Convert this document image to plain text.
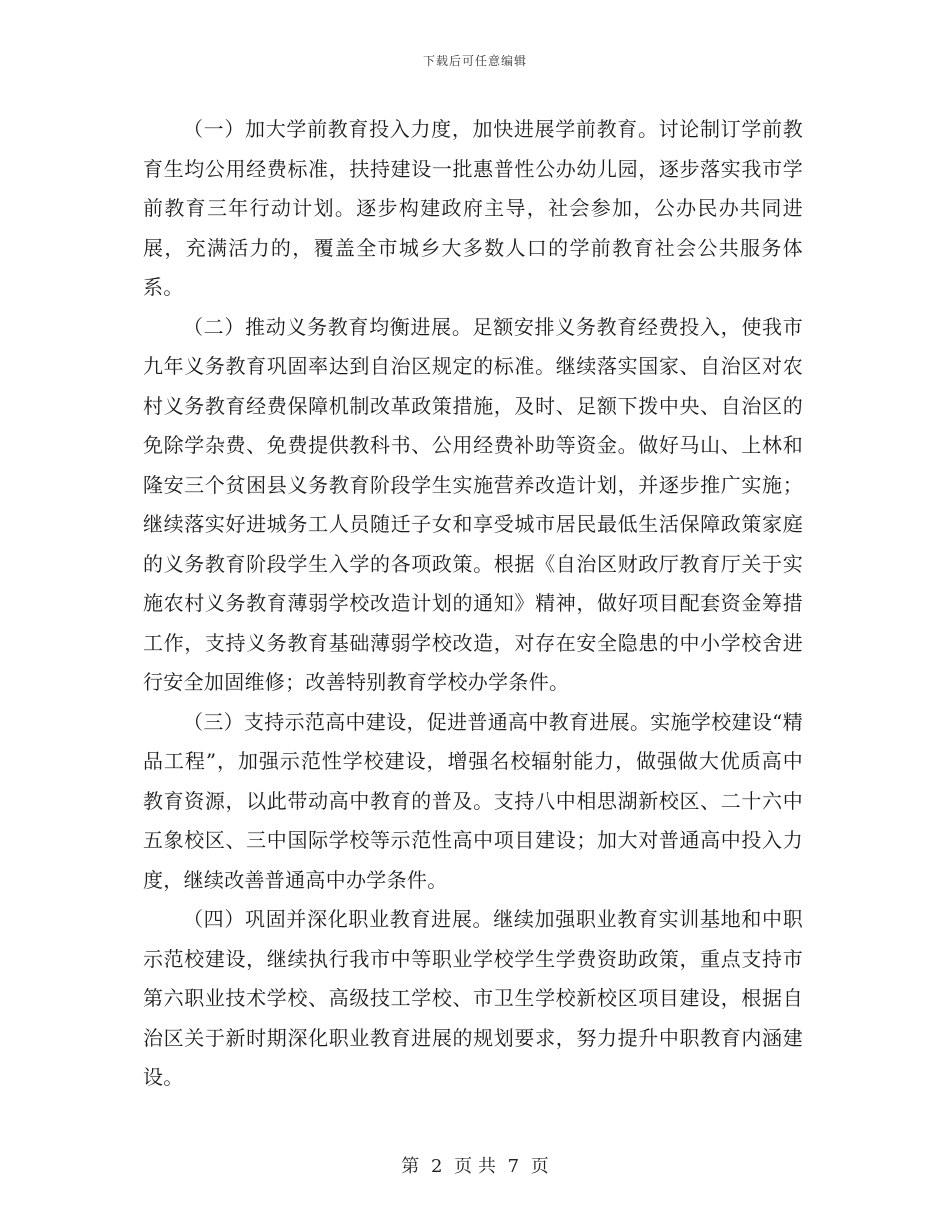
下载后可任意编辑

（一）加大学前教育投入力度，加快进展学前教育。讨论制订学前教育生均公用经费标准，扶持建设一批惠普性公办幼儿园，逐步落实我市学前教育三年行动计划。逐步构建政府主导，社会参加，公办民办共同进展，充满活力的，覆盖全市城乡大多数人口的学前教育社会公共服务体系。

（二）推动义务教育均衡进展。足额安排义务教育经费投入，使我市九年义务教育巩固率达到自治区规定的标准。继续落实国家、自治区对农村义务教育经费保障机制改革政策措施，及时、足额下拨中央、自治区的免除学杂费、免费提供教科书、公用经费补助等资金。做好马山、上林和隆安三个贫困县义务教育阶段学生实施营养改造计划，并逐步推广实施；继续落实好进城务工人员随迁子女和享受城市居民最低生活保障政策家庭的义务教育阶段学生入学的各项政策。根据《自治区财政厅教育厅关于实施农村义务教育薄弱学校改造计划的通知》精神，做好项目配套资金筹措工作，支持义务教育基础薄弱学校改造，对存在安全隐患的中小学校舍进行安全加固维修；改善特别教育学校办学条件。

（三）支持示范高中建设，促进普通高中教育进展。实施学校建设“精品工程”，加强示范性学校建设，增强名校辐射能力，做强做大优质高中教育资源，以此带动高中教育的普及。支持八中相思湖新校区、二十六中五象校区、三中国际学校等示范性高中项目建设；加大对普通高中投入力度，继续改善普通高中办学条件。

（四）巩固并深化职业教育进展。继续加强职业教育实训基地和中职示范校建设，继续执行我市中等职业学校学生学费资助政策，重点支持市第六职业技术学校、高级技工学校、市卫生学校新校区项目建设，根据自治区关于新时期深化职业教育进展的规划要求，努力提升中职教育内涵建设。

第 2 页 共 7 页
